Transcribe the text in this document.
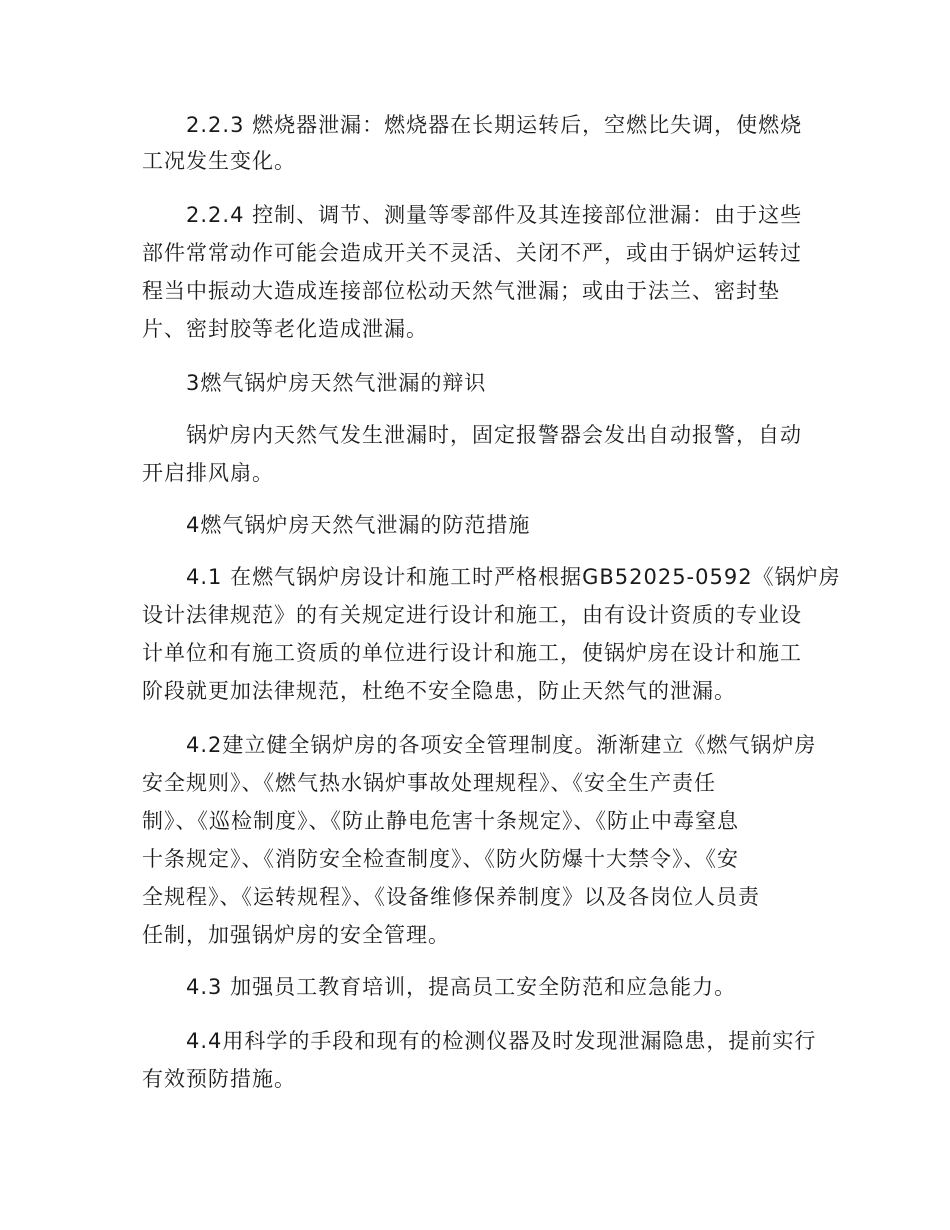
2.2.3 燃烧器泄漏：燃烧器在长期运转后，空燃比失调，使燃烧
工况发生变化。
2.2.4 控制、调节、测量等零部件及其连接部位泄漏：由于这些
部件常常动作可能会造成开关不灵活、关闭不严，或由于锅炉运转过
程当中振动大造成连接部位松动天然气泄漏；或由于法兰、密封垫
片、密封胶等老化造成泄漏。
3燃气锅炉房天然气泄漏的辩识
锅炉房内天然气发生泄漏时，固定报警器会发出自动报警，自动
开启排风扇。
4燃气锅炉房天然气泄漏的防范措施
4.1 在燃气锅炉房设计和施工时严格根据GB52025-0592《锅炉房
设计法律规范》的有关规定进行设计和施工，由有设计资质的专业设
计单位和有施工资质的单位进行设计和施工，使锅炉房在设计和施工
阶段就更加法律规范，杜绝不安全隐患，防止天然气的泄漏。
4.2建立健全锅炉房的各项安全管理制度。渐渐建立《燃气锅炉房
安全规则》、《燃气热水锅炉事故处理规程》、《安全生产责任
制》、《巡检制度》、《防止静电危害十条规定》、《防止中毒窒息
十条规定》、《消防安全检查制度》、《防火防爆十大禁令》、《安
全规程》、《运转规程》、《设备维修保养制度》以及各岗位人员责
任制，加强锅炉房的安全管理。
4.3 加强员工教育培训，提高员工安全防范和应急能力。
4.4用科学的手段和现有的检测仪器及时发现泄漏隐患，提前实行
有效预防措施。
